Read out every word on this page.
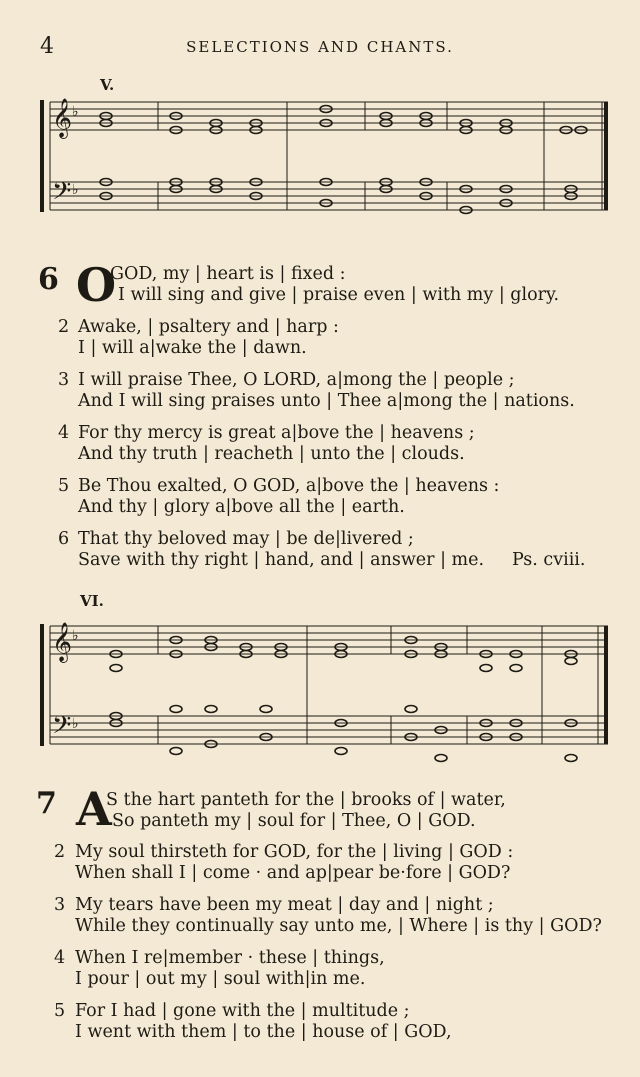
4	SELECTIONS AND CHANTS.
V.
𝄞 ♭
𝄢 ♭
6 O
GOD, my | heart is | fixed :
I will sing and give | praise even | with my | glory.
2 Awake, | psaltery and | harp :
I | will a|wake the | dawn.
3 I will praise Thee, O LORD, a|mong the | people ;
And I will sing praises unto | Thee a|mong the | nations.
4 For thy mercy is great a|bove the | heavens ;
And thy truth | reacheth | unto the | clouds.
5 Be Thou exalted, O GOD, a|bove the | heavens :
And thy | glory a|bove all the | earth.
6 That thy beloved may | be de|livered ;
Save with thy right | hand, and | answer | me. Ps. cviii.
VI.
𝄞 ♭
𝄢 ♭
7 A
S the hart panteth for the | brooks of | water,
So panteth my | soul for | Thee, O | GOD.
2 My soul thirsteth for GOD, for the | living | GOD :
When shall I | come · and ap|pear be·fore | GOD?
3 My tears have been my meat | day and | night ;
While they continually say unto me, | Where | is thy | GOD?
4 When I re|member · these | things,
I pour | out my | soul with|in me.
5 For I had | gone with the | multitude ;
I went with them | to the | house of | GOD,
